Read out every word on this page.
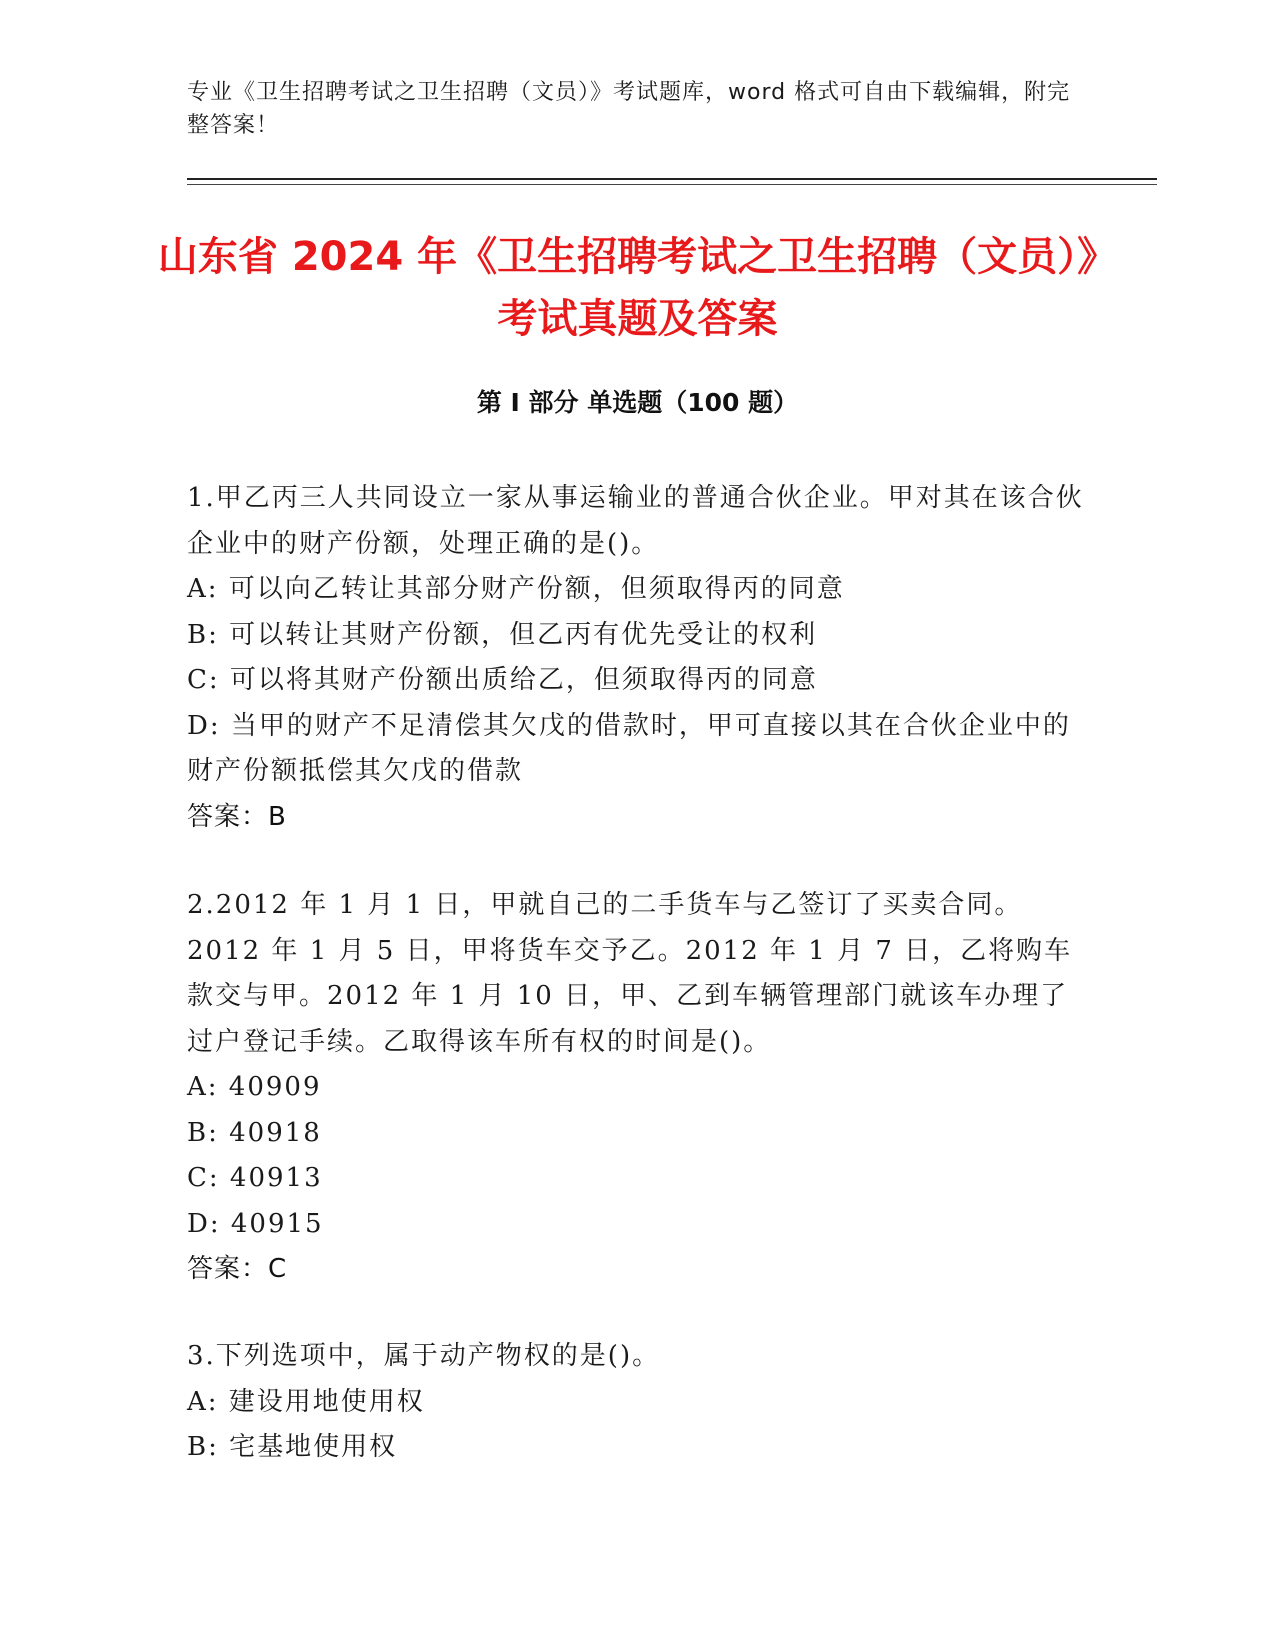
专业《卫生招聘考试之卫生招聘（文员）》考试题库，word 格式可自由下载编辑，附完整答案！
山东省 2024 年《卫生招聘考试之卫生招聘（文员）》考试真题及答案
第 I 部分 单选题（100 题）

1.甲乙丙三人共同设立一家从事运输业的普通合伙企业。甲对其在该合伙企业中的财产份额，处理正确的是()。

A: 可以向乙转让其部分财产份额，但须取得丙的同意

B: 可以转让其财产份额，但乙丙有优先受让的权利

C: 可以将其财产份额出质给乙，但须取得丙的同意

D: 当甲的财产不足清偿其欠戊的借款时，甲可直接以其在合伙企业中的财产份额抵偿其欠戊的借款

答案：B

2.2012 年 1 月 1 日，甲就自己的二手货车与乙签订了买卖合同。2012 年 1 月 5 日，甲将货车交予乙。2012 年 1 月 7 日，乙将购车款交与甲。2012 年 1 月 10 日，甲、乙到车辆管理部门就该车办理了过户登记手续。乙取得该车所有权的时间是()。

A: 40909

B: 40918

C: 40913

D: 40915

答案：C

3.下列选项中，属于动产物权的是()。

A: 建设用地使用权

B: 宅基地使用权
